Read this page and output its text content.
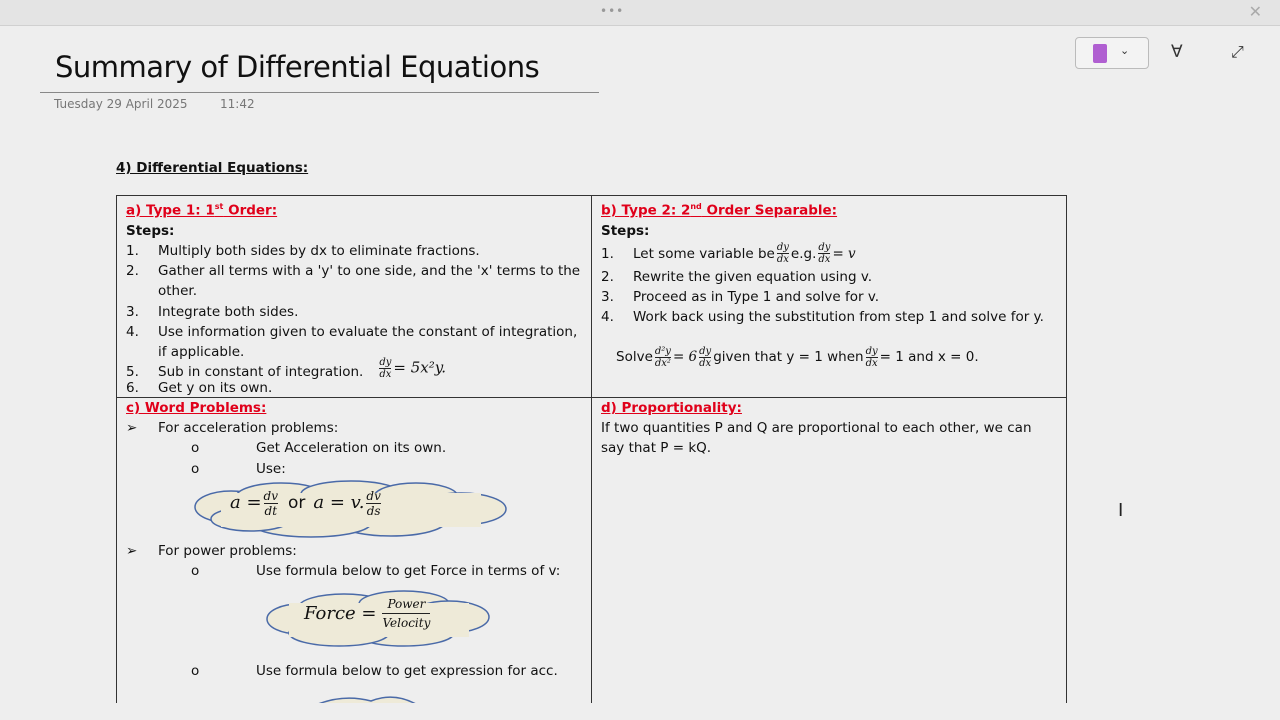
•••	✕
Summary of Differential Equations
Tuesday 29 April 2025	11:42
⌄ ∀	⤢
4) Differential Equations:
a) Type 1: 1st Order:
Steps:
1.	Multiply both sides by dx to eliminate fractions.
2.	Gather all terms with a 'y' to one side, and the 'x' terms to the other.
3.	Integrate both sides.
4.	Use information given to evaluate the constant of integration, if applicable.
5.	Sub in constant of integration. $\frac{dy}{dx} = 5x^2y$.
6.	Get y on its own.
b) Type 2: 2nd Order Separable:
Steps:
1.	Let some variable be $\frac{dy}{dx} e.g$. $\frac{dy}{dx} = v$
2.	Rewrite the given equation using v.
3.	Proceed as in Type 1 and solve for v.
4.	Work back using the substitution from step 1 and solve for y.
Solve $\frac{\text{d²y}}{\text{dx²}} = 6 \frac{dy}{dx}$ given that y = 1 when $\frac{dy}{dx} = 1$ and x = 0.
c) Word Problems:
➢	For acceleration problems:
o	Get Acceleration on its own.
o	Use:
$a = \frac{dv}{dt}$ or a = v. $\frac{dv}{ds}$
➢	For power problems:
o	Use formula below to get Force in terms of v:
Force = $\frac{\text{Power}}{\text{Velocity}}$
o	Use formula below to get expression for acc.
d) Proportionality:
If two quantities P and Q are proportional to each other, we can say that P = kQ.
I
